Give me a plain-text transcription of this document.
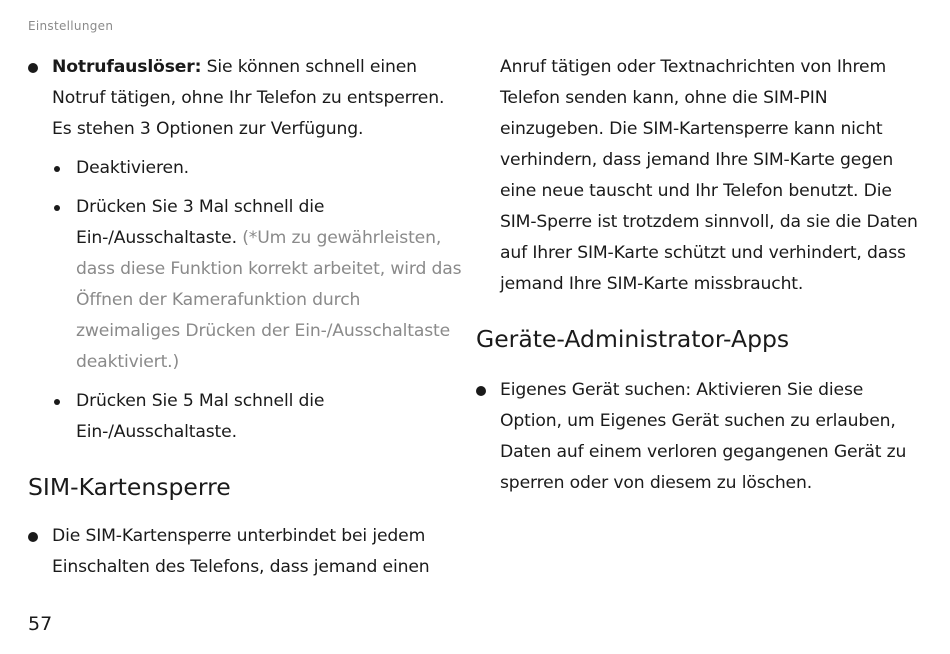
Einstellungen
Notrufauslöser: Sie können schnell einen Notruf tätigen, ohne Ihr Telefon zu entsperren. Es stehen 3 Optionen zur Verfügung.
Deaktivieren.
Drücken Sie 3 Mal schnell die Ein-/Ausschaltaste. (*Um zu gewährleisten, dass diese Funktion korrekt arbeitet, wird das Öffnen der Kamerafunktion durch zweimaliges Drücken der Ein-/Ausschaltaste deaktiviert.)
Drücken Sie 5 Mal schnell die Ein-/Ausschaltaste.
SIM-Kartensperre
Die SIM-Kartensperre unterbindet bei jedem Einschalten des Telefons, dass jemand einen
Anruf tätigen oder Textnachrichten von Ihrem Telefon senden kann, ohne die SIM-PIN einzugeben. Die SIM-Kartensperre kann nicht verhindern, dass jemand Ihre SIM-Karte gegen eine neue tauscht und Ihr Telefon benutzt. Die SIM-Sperre ist trotzdem sinnvoll, da sie die Daten auf Ihrer SIM-Karte schützt und verhindert, dass jemand Ihre SIM-Karte missbraucht.
Geräte-Administrator-Apps
Eigenes Gerät suchen: Aktivieren Sie diese Option, um Eigenes Gerät suchen zu erlauben, Daten auf einem verloren gegangenen Gerät zu sperren oder von diesem zu löschen.
57
